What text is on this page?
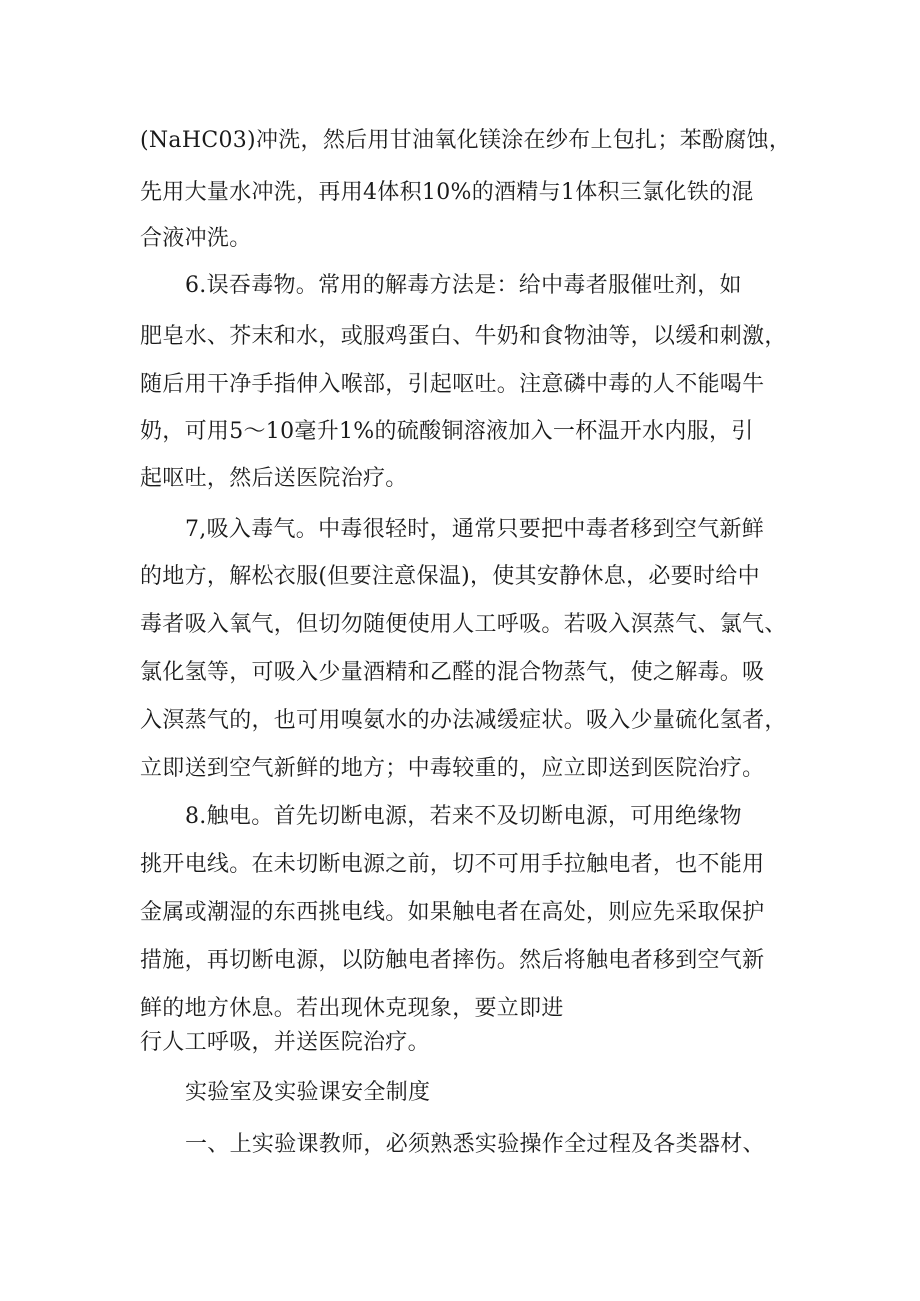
(NaHC03)冲洗，然后用甘油氧化镁涂在纱布上包扎；苯酚腐蚀，
先用大量水冲洗，再用4体积10%的酒精与1体积三氯化铁的混
合液冲洗。
6.误吞毒物。常用的解毒方法是：给中毒者服催吐剂，如
肥皂水、芥末和水，或服鸡蛋白、牛奶和食物油等，以缓和刺激，
随后用干净手指伸入喉部，引起呕吐。注意磷中毒的人不能喝牛
奶，可用5～10毫升1%的硫酸铜溶液加入一杯温开水内服，引
起呕吐，然后送医院治疗。
7,吸入毒气。中毒很轻时，通常只要把中毒者移到空气新鲜
的地方，解松衣服(但要注意保温)，使其安静休息，必要时给中
毒者吸入氧气，但切勿随便使用人工呼吸。若吸入溟蒸气、氯气、
氯化氢等，可吸入少量酒精和乙醛的混合物蒸气，使之解毒。吸
入溟蒸气的，也可用嗅氨水的办法减缓症状。吸入少量硫化氢者，
立即送到空气新鲜的地方；中毒较重的，应立即送到医院治疗。
8.触电。首先切断电源，若来不及切断电源，可用绝缘物
挑开电线。在未切断电源之前，切不可用手拉触电者，也不能用
金属或潮湿的东西挑电线。如果触电者在高处，则应先采取保护
措施，再切断电源，以防触电者摔伤。然后将触电者移到空气新
鲜的地方休息。若出现休克现象，要立即进
行人工呼吸，并送医院治疗。
实验室及实验课安全制度
一、上实验课教师，必须熟悉实验操作全过程及各类器材、
